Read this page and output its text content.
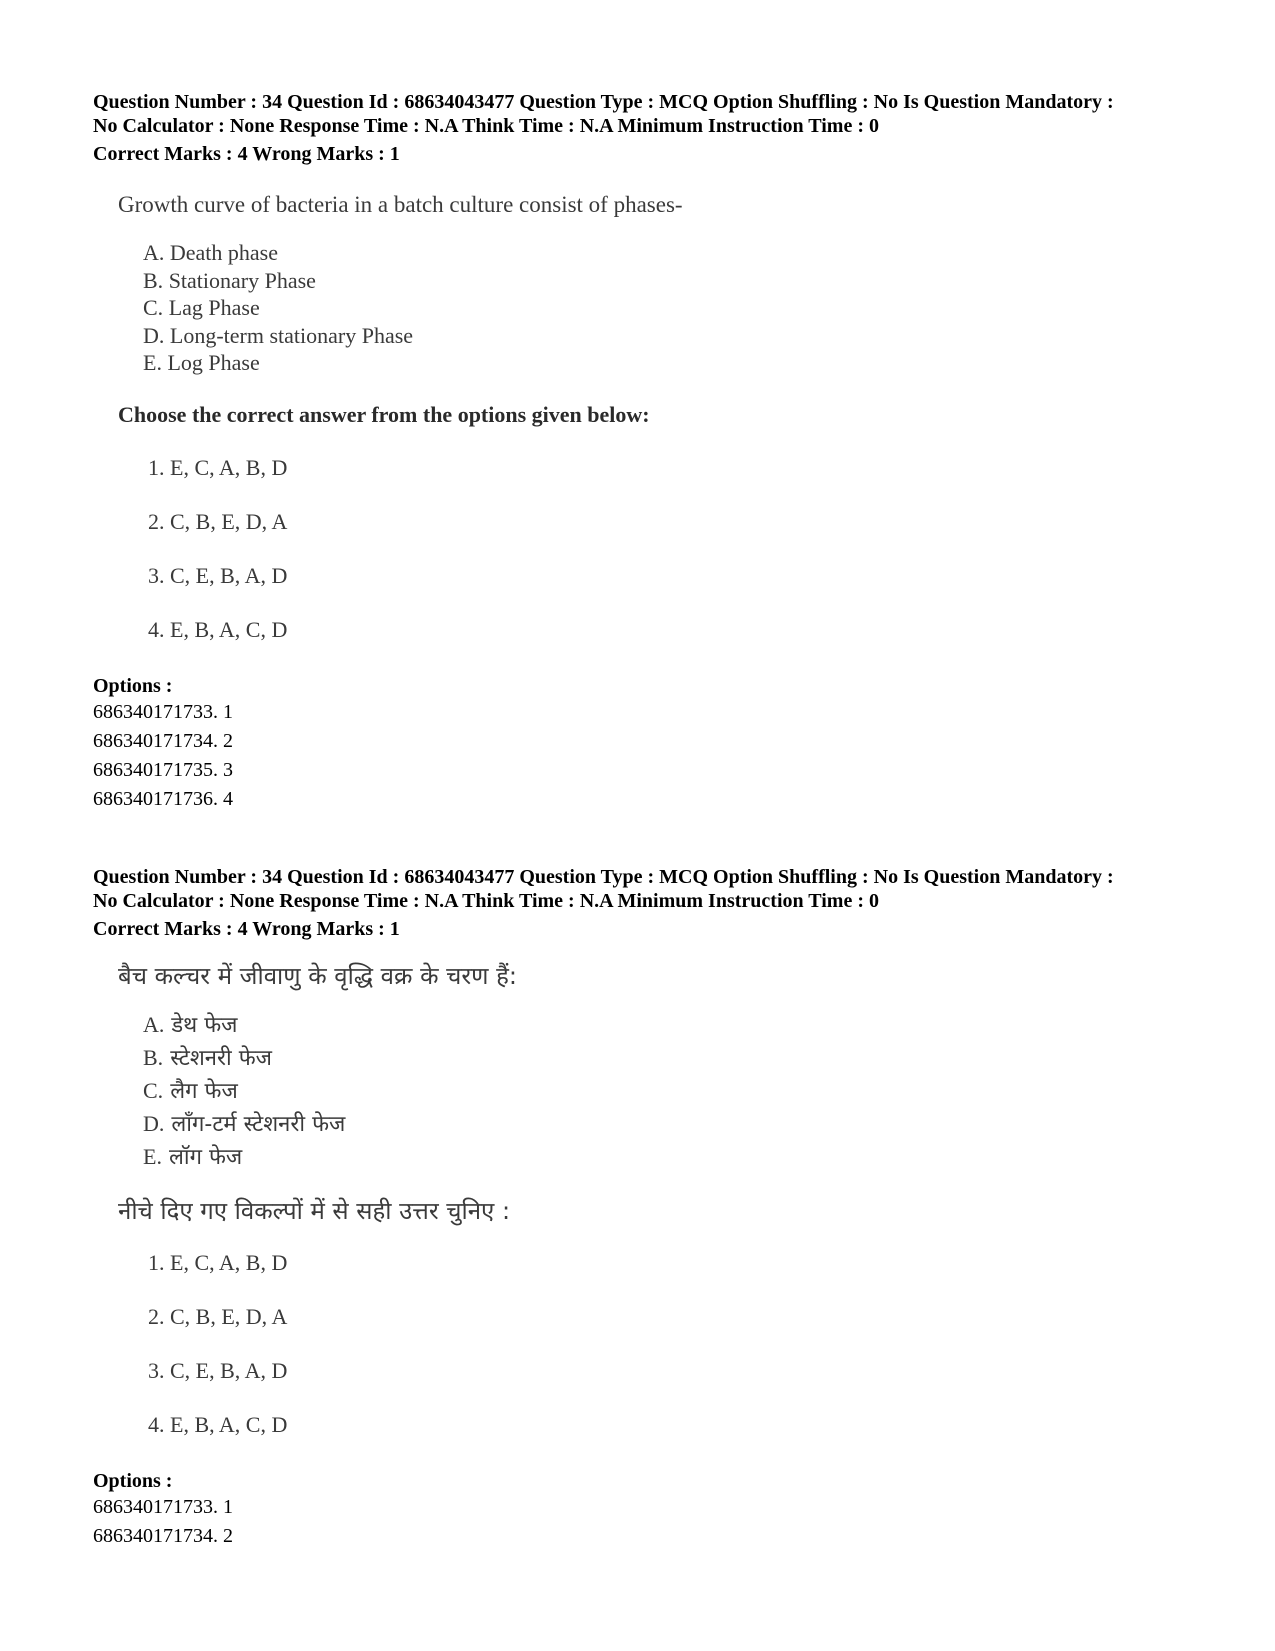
Question Number : 34 Question Id : 68634043477 Question Type : MCQ Option Shuffling : No Is Question Mandatory :
No Calculator : None Response Time : N.A Think Time : N.A Minimum Instruction Time : 0
Correct Marks : 4 Wrong Marks : 1
Growth curve of bacteria in a batch culture consist of phases-
A. Death phase
B. Stationary Phase
C. Lag Phase
D. Long-term stationary Phase
E. Log Phase
Choose the correct answer from the options given below:
1. E, C, A, B, D
2. C, B, E, D, A
3. C, E, B, A, D
4. E, B, A, C, D
Options :
686340171733. 1
686340171734. 2
686340171735. 3
686340171736. 4
Question Number : 34 Question Id : 68634043477 Question Type : MCQ Option Shuffling : No Is Question Mandatory :
No Calculator : None Response Time : N.A Think Time : N.A Minimum Instruction Time : 0
Correct Marks : 4 Wrong Marks : 1
बैच कल्चर में जीवाणु के वृद्धि वक्र के चरण हैं:
A. डेथ फेज
B. स्टेशनरी फेज
C. लैग फेज
D. लाँग-टर्म स्टेशनरी फेज
E. लॉग फेज
नीचे दिए गए विकल्पों में से सही उत्तर चुनिए :
1. E, C, A, B, D
2. C, B, E, D, A
3. C, E, B, A, D
4. E, B, A, C, D
Options :
686340171733. 1
686340171734. 2
